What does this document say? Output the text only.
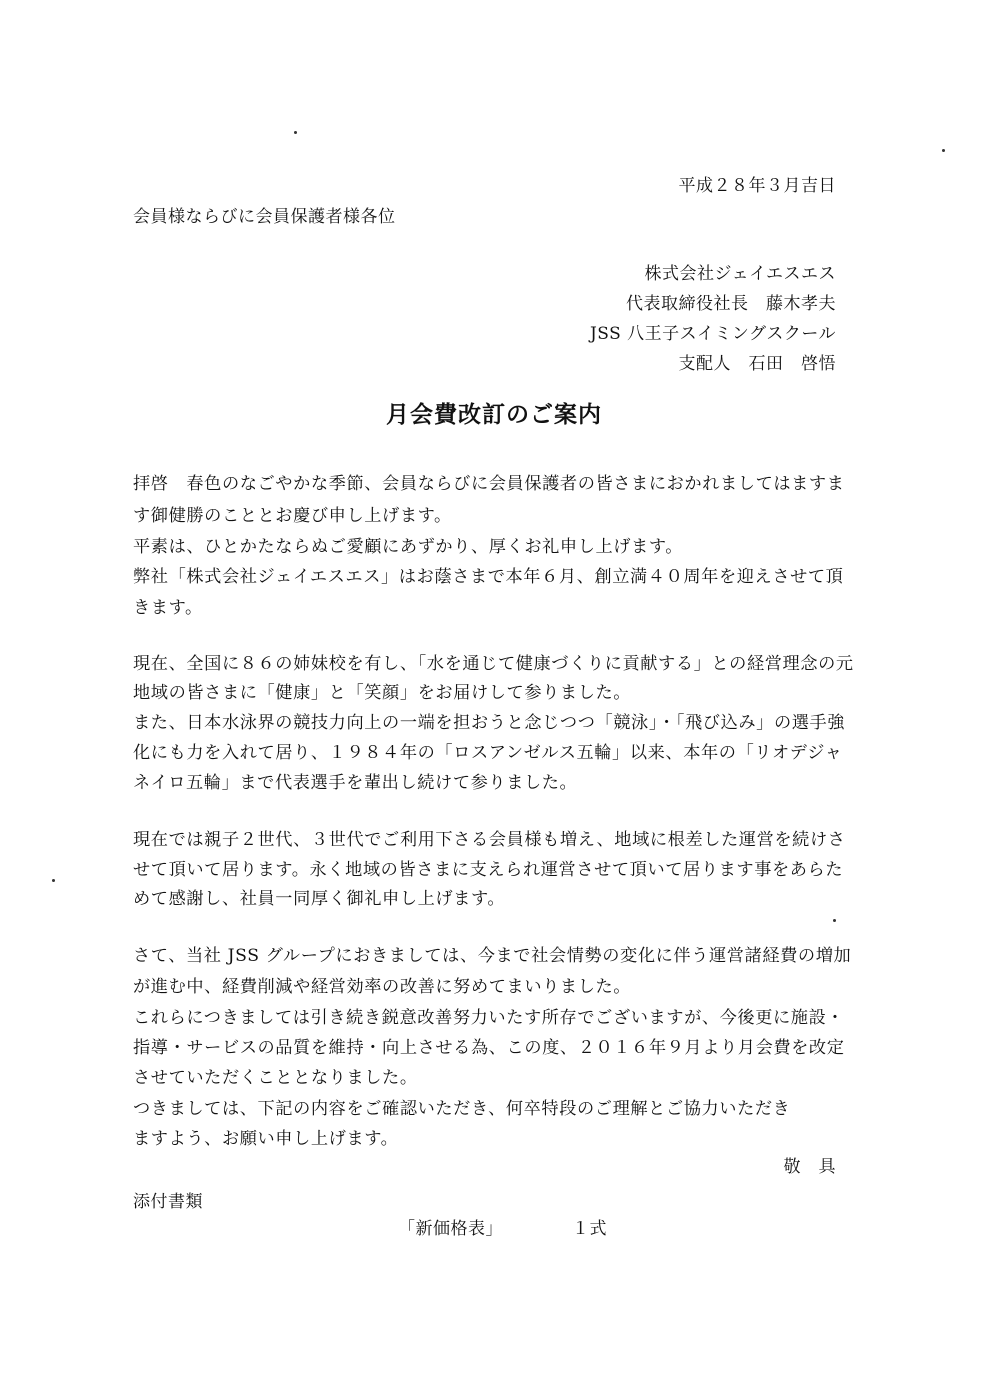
平成２８年３月吉日
会員様ならびに会員保護者様各位
株式会社ジェイエスエス
代表取締役社長　藤木孝夫
JSS 八王子スイミングスクール
支配人　石田　啓悟
月会費改訂のご案内
拝啓　春色のなごやかな季節、会員ならびに会員保護者の皆さまにおかれましてはますま
す御健勝のこととお慶び申し上げます。
平素は、ひとかたならぬご愛顧にあずかり、厚くお礼申し上げます。
弊社「株式会社ジェイエスエス」はお蔭さまで本年６月、創立満４０周年を迎えさせて頂
きます。
現在、全国に８６の姉妹校を有し、「水を通じて健康づくりに貢献する」との経営理念の元
地域の皆さまに「健康」と「笑顔」をお届けして参りました。
また、日本水泳界の競技力向上の一端を担おうと念じつつ「競泳」・「飛び込み」の選手強
化にも力を入れて居り、１９８４年の「ロスアンゼルス五輪」以来、本年の「リオデジャ
ネイロ五輪」まで代表選手を輩出し続けて参りました。
現在では親子２世代、３世代でご利用下さる会員様も増え、地域に根差した運営を続けさ
せて頂いて居ります。永く地域の皆さまに支えられ運営させて頂いて居ります事をあらた
めて感謝し、社員一同厚く御礼申し上げます。
さて、当社 JSS グループにおきましては、今まで社会情勢の変化に伴う運営諸経費の増加
が進む中、経費削減や経営効率の改善に努めてまいりました。
これらにつきましては引き続き鋭意改善努力いたす所存でございますが、今後更に施設・
指導・サービスの品質を維持・向上させる為、この度、２０１６年９月より月会費を改定
させていただくこととなりました。
つきましては、下記の内容をご確認いただき、何卒特段のご理解とご協力いただき
ますよう、お願い申し上げます。
敬　具
添付書類
「新価格表」	１式
